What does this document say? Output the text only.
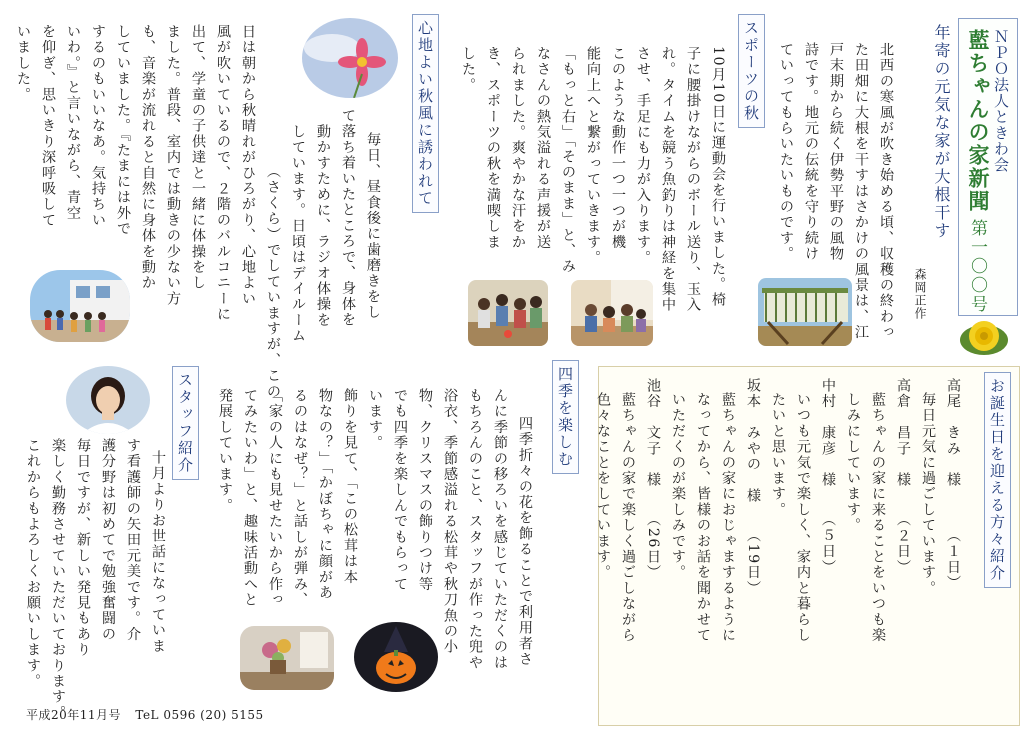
ＮＰＯ法人ときわ会
藍ちゃんの家新聞
第一〇〇号
年寄の元気な家が大根干す
森岡正作
北西の寒風が吹き始める頃、収穫の終わっ
た田畑に大根を干すはさかけの風景は、江
戸末期から続く伊勢平野の風物
詩です。地元の伝統を守り続け
ていってもらいたいものです。
スポーツの秋
10月10日に運動会を行いました。椅
子に腰掛けながらのボール送り、玉入
れ。タイムを競う魚釣りは神経を集中
させ、手足にも力が入ります。
このような動作一つ一つが機
能向上へと繋がっていきます。
「もっと右」「そのまま」と、み
なさんの熱気溢れる声援が送
られました。爽やかな汗をか
き、スポーツの秋を満喫しま
した。
心地よい秋風に誘われて
毎日、昼食後に歯磨きをし
て落ち着いたところで、身体を
動かすために、ラジオ体操を
しています。日頃はデイルーム
（さくら）でしていますが、この
日は朝から秋晴れがひろがり、心地よい
風が吹いているので、２階のバルコニーに
出て、学童の子供達と一緒に体操をし
ました。普段、室内では動きの少ない方
も、音楽が流れると自然に身体を動か
していました。『たまには外で
するのもいいなあ。気持ちい
いわ。』と言いながら、青空
を仰ぎ、思いきり深呼吸して
いました。
お誕生日を迎える方々紹介
高尾　きみ　様　　　（１日）
毎日元気に過ごしています。
高倉　昌子　様　　（２日）
藍ちゃんの家に来ることをいつも楽
しみにしています。
中村　康彦　様　　（５日）
いつも元気で楽しく、家内と暮らし
たいと思います。
坂本　みやの　様　　（19日）
藍ちゃんの家におじゃまするように
なってから、皆様のお話を聞かせて
いただくのが楽しみです。
池谷　文子　様　　（26日）
藍ちゃんの家で楽しく過ごしながら
色々なことをしています。
四季を楽しむ
四季折々の花を飾ることで利用者さ
んに季節の移ろいを感じていただくのは
もちろんのこと、スタッフが作った兜や
浴衣、季節感溢れる松茸や秋刀魚の小
物、クリスマスの飾りつけ等
でも四季を楽しんでもらって
います。
飾りを見て、「この松茸は本
物なの？」「かぼちゃに顔があ
るのはなぜ？」と話しが弾み、
「家の人にも見せたいから作っ
てみたいわ」と、趣味活動へと
発展しています。
スタッフ紹介
十月よりお世話になっていま
す看護師の矢田元美です。介
護分野は初めてで勉強奮闘の
毎日ですが、新しい発見もあり
楽しく勤務させていただいております。
これからもよろしくお願いします。
平成20年11月号 TeL 0596 (20) 5155
